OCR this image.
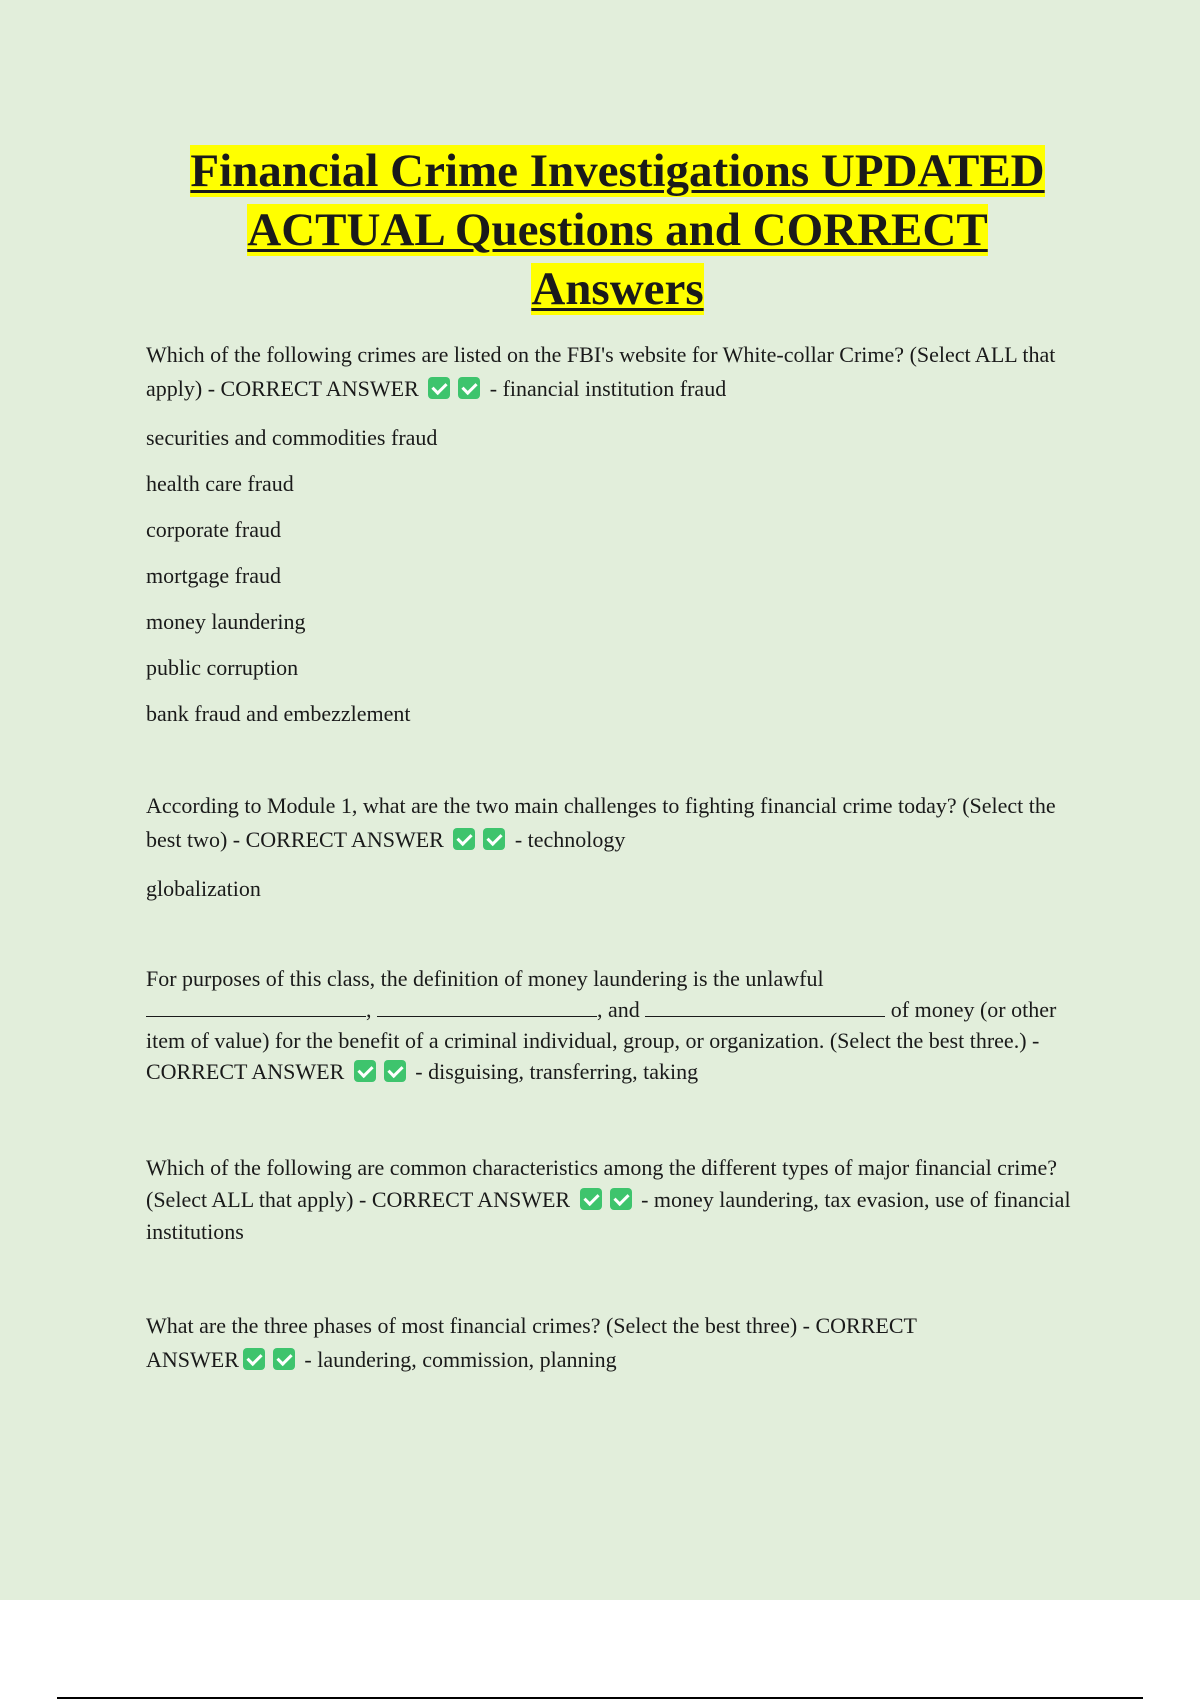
Financial Crime Investigations UPDATED
ACTUAL Questions and CORRECT
Answers

Which of the following crimes are listed on the FBI's website for White-collar Crime? (Select ALL that apply) - CORRECT ANSWER	- financial institution fraud

securities and commodities fraud

health care fraud

corporate fraud

mortgage fraud

money laundering

public corruption

bank fraud and embezzlement

According to Module 1, what are the two main challenges to fighting financial crime today? (Select the best two) - CORRECT ANSWER	- technology

globalization

For purposes of this class, the definition of money laundering is the unlawful
,	, and	of money (or other item of value) for the benefit of a criminal individual, group, or organization. (Select the best three.) - CORRECT ANSWER	- disguising, transferring, taking

Which of the following are common characteristics among the different types of major financial crime? (Select ALL that apply) - CORRECT ANSWER	- money laundering, tax evasion, use of financial institutions

What are the three phases of most financial crimes? (Select the best three) - CORRECT
ANSWER	- laundering, commission, planning
